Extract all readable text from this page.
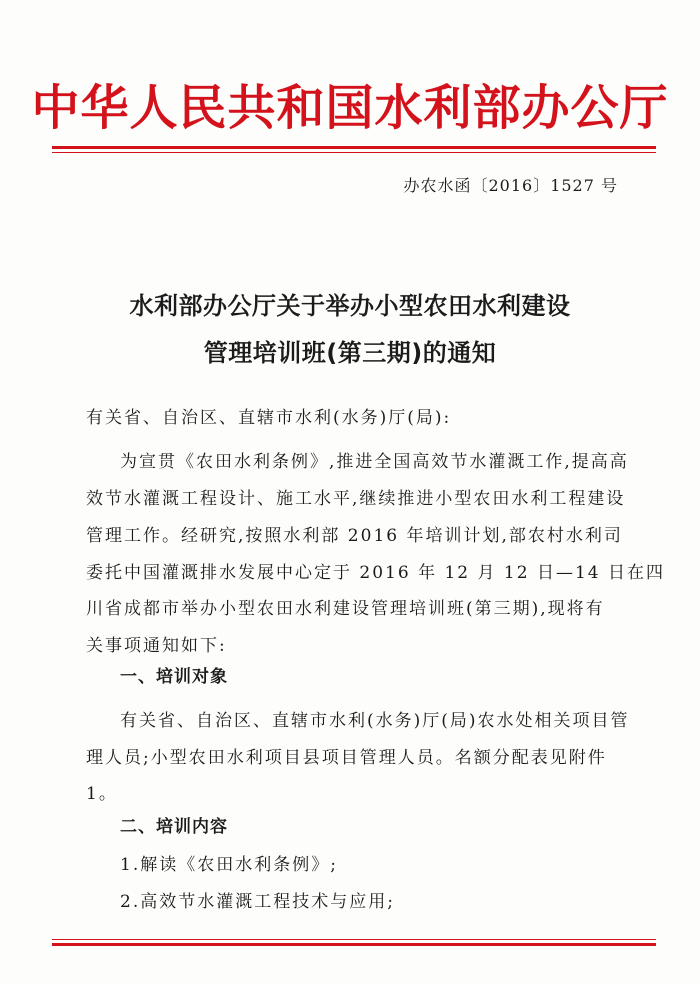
中华人民共和国水利部办公厅
办农水函〔2016〕1527 号
水利部办公厅关于举办小型农田水利建设
管理培训班(第三期)的通知
有关省、自治区、直辖市水利(水务)厅(局):
为宣贯《农田水利条例》,推进全国高效节水灌溉工作,提高高
效节水灌溉工程设计、施工水平,继续推进小型农田水利工程建设
管理工作。经研究,按照水利部 2016 年培训计划,部农村水利司
委托中国灌溉排水发展中心定于 2016 年 12 月 12 日—14 日在四
川省成都市举办小型农田水利建设管理培训班(第三期),现将有
关事项通知如下:
一、培训对象
有关省、自治区、直辖市水利(水务)厅(局)农水处相关项目管
理人员;小型农田水利项目县项目管理人员。名额分配表见附件
1。
二、培训内容
1.解读《农田水利条例》;
2.高效节水灌溉工程技术与应用;
